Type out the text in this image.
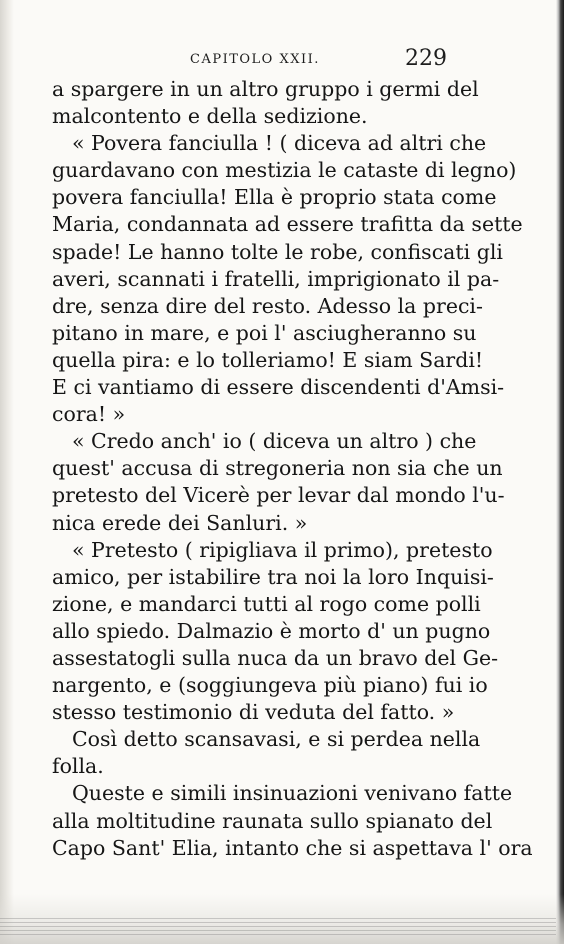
CAPITOLO XXII.	229
a spargere in un altro gruppo i germi del
malcontento e della sedizione.
« Povera fanciulla ! ( diceva ad altri che
guardavano con mestizia le cataste di legno)
povera fanciulla! Ella è proprio stata come
Maria, condannata ad essere trafitta da sette
spade! Le hanno tolte le robe, confiscati gli
averi, scannati i fratelli, imprigionato il pa-
dre, senza dire del resto. Adesso la preci-
pitano in mare, e poi l' asciugheranno su
quella pira: e lo tolleriamo! E siam Sardi!
E ci vantiamo di essere discendenti d'Amsi-
cora! »
« Credo anch' io ( diceva un altro ) che
quest' accusa di stregoneria non sia che un
pretesto del Vicerè per levar dal mondo l'u-
nica erede dei Sanluri. »
« Pretesto ( ripigliava il primo), pretesto
amico, per istabilire tra noi la loro Inquisi-
zione, e mandarci tutti al rogo come polli
allo spiedo. Dalmazio è morto d' un pugno
assestatogli sulla nuca da un bravo del Ge-
nargento, e (soggiungeva più piano) fui io
stesso testimonio di veduta del fatto. »
Così detto scansavasi, e si perdea nella
folla.
Queste e simili insinuazioni venivano fatte
alla moltitudine raunata sullo spianato del
Capo Sant' Elia, intanto che si aspettava l' ora
